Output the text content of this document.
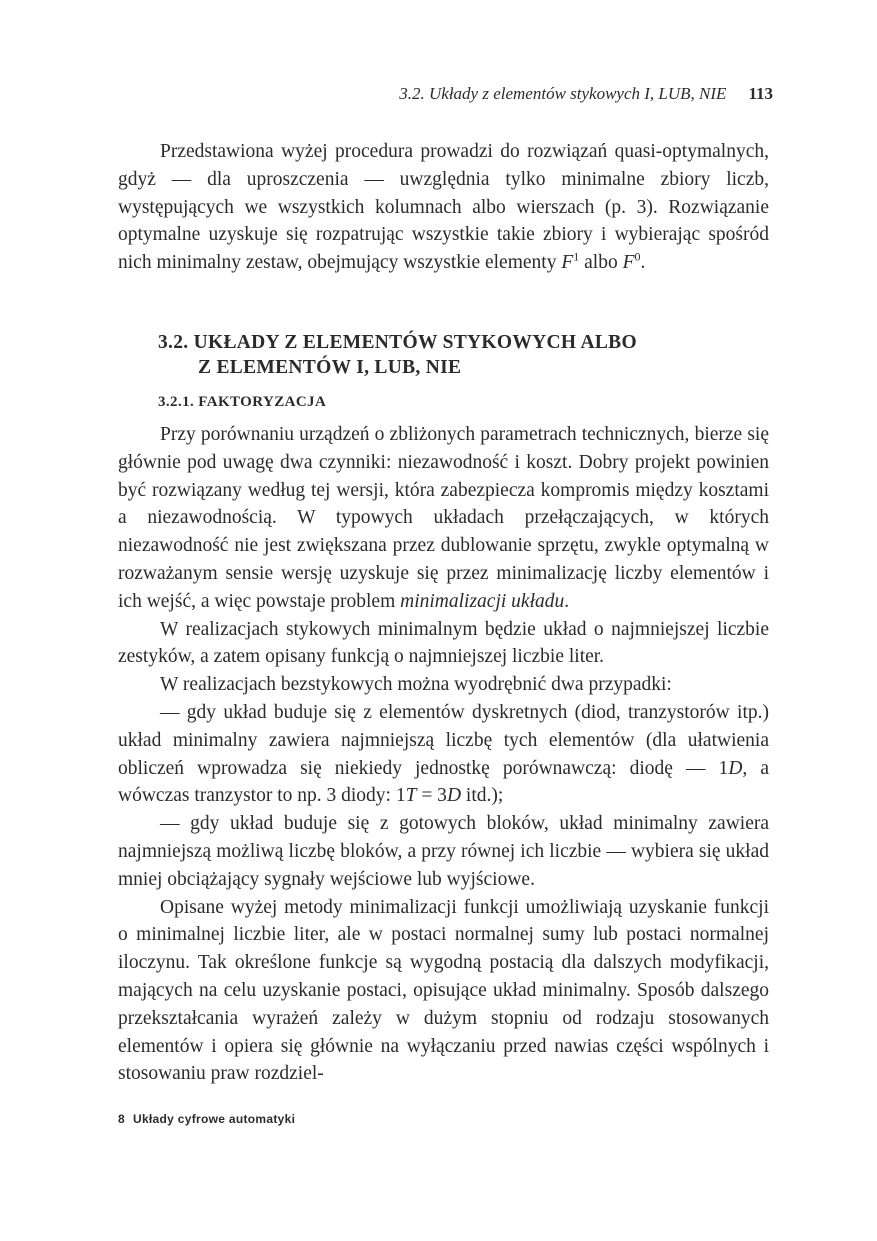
3.2. Układy z elementów stykowych I, LUB, NIE 113

Przedstawiona wyżej procedura prowadzi do rozwiązań quasi-optymalnych, gdyż — dla uproszczenia — uwzględnia tylko minimalne zbiory liczb, występujących we wszystkich kolumnach albo wierszach (p. 3). Rozwiązanie optymalne uzyskuje się rozpatrując wszystkie takie zbiory i wybierając spośród nich minimalny zestaw, obejmujący wszystkie elementy $F^1$ albo $F^0$.

3.2. UKŁADY Z ELEMENTÓW STYKOWYCH ALBO
Z ELEMENTÓW I, LUB, NIE
3.2.1. FAKTORYZACJA

Przy porównaniu urządzeń o zbliżonych parametrach technicznych, bierze się głównie pod uwagę dwa czynniki: niezawodność i koszt. Dobry projekt powinien być rozwiązany według tej wersji, która zabezpiecza kompromis między kosztami a niezawodnością. W typowych układach przełączających, w których niezawodność nie jest zwiększana przez dublowanie sprzętu, zwykle optymalną w rozważanym sensie wersję uzyskuje się przez minimalizację liczby elementów i ich wejść, a więc powstaje problem minimalizacji układu.

W realizacjach stykowych minimalnym będzie układ o najmniejszej liczbie zestyków, a zatem opisany funkcją o najmniejszej liczbie liter.

W realizacjach bezstykowych można wyodrębnić dwa przypadki:

— gdy układ buduje się z elementów dyskretnych (diod, tranzystorów itp.) układ minimalny zawiera najmniejszą liczbę tych elementów (dla ułatwienia obliczeń wprowadza się niekiedy jednostkę porównawczą: diodę — 1D, a wówczas tranzystor to np. 3 diody: 1T = 3D itd.);

— gdy układ buduje się z gotowych bloków, układ minimalny zawiera najmniejszą możliwą liczbę bloków, a przy równej ich liczbie — wybiera się układ mniej obciążający sygnały wejściowe lub wyjściowe.

Opisane wyżej metody minimalizacji funkcji umożliwiają uzyskanie funkcji o minimalnej liczbie liter, ale w postaci normalnej sumy lub postaci normalnej iloczynu. Tak określone funkcje są wygodną postacią dla dalszych modyfikacji, mających na celu uzyskanie postaci, opisujące układ minimalny. Sposób dalszego przekształcania wyrażeń zależy w dużym stopniu od rodzaju stosowanych elementów i opiera się głównie na wyłączaniu przed nawias części wspólnych i stosowaniu praw rozdziel-

8 Układy cyfrowe automatyki
